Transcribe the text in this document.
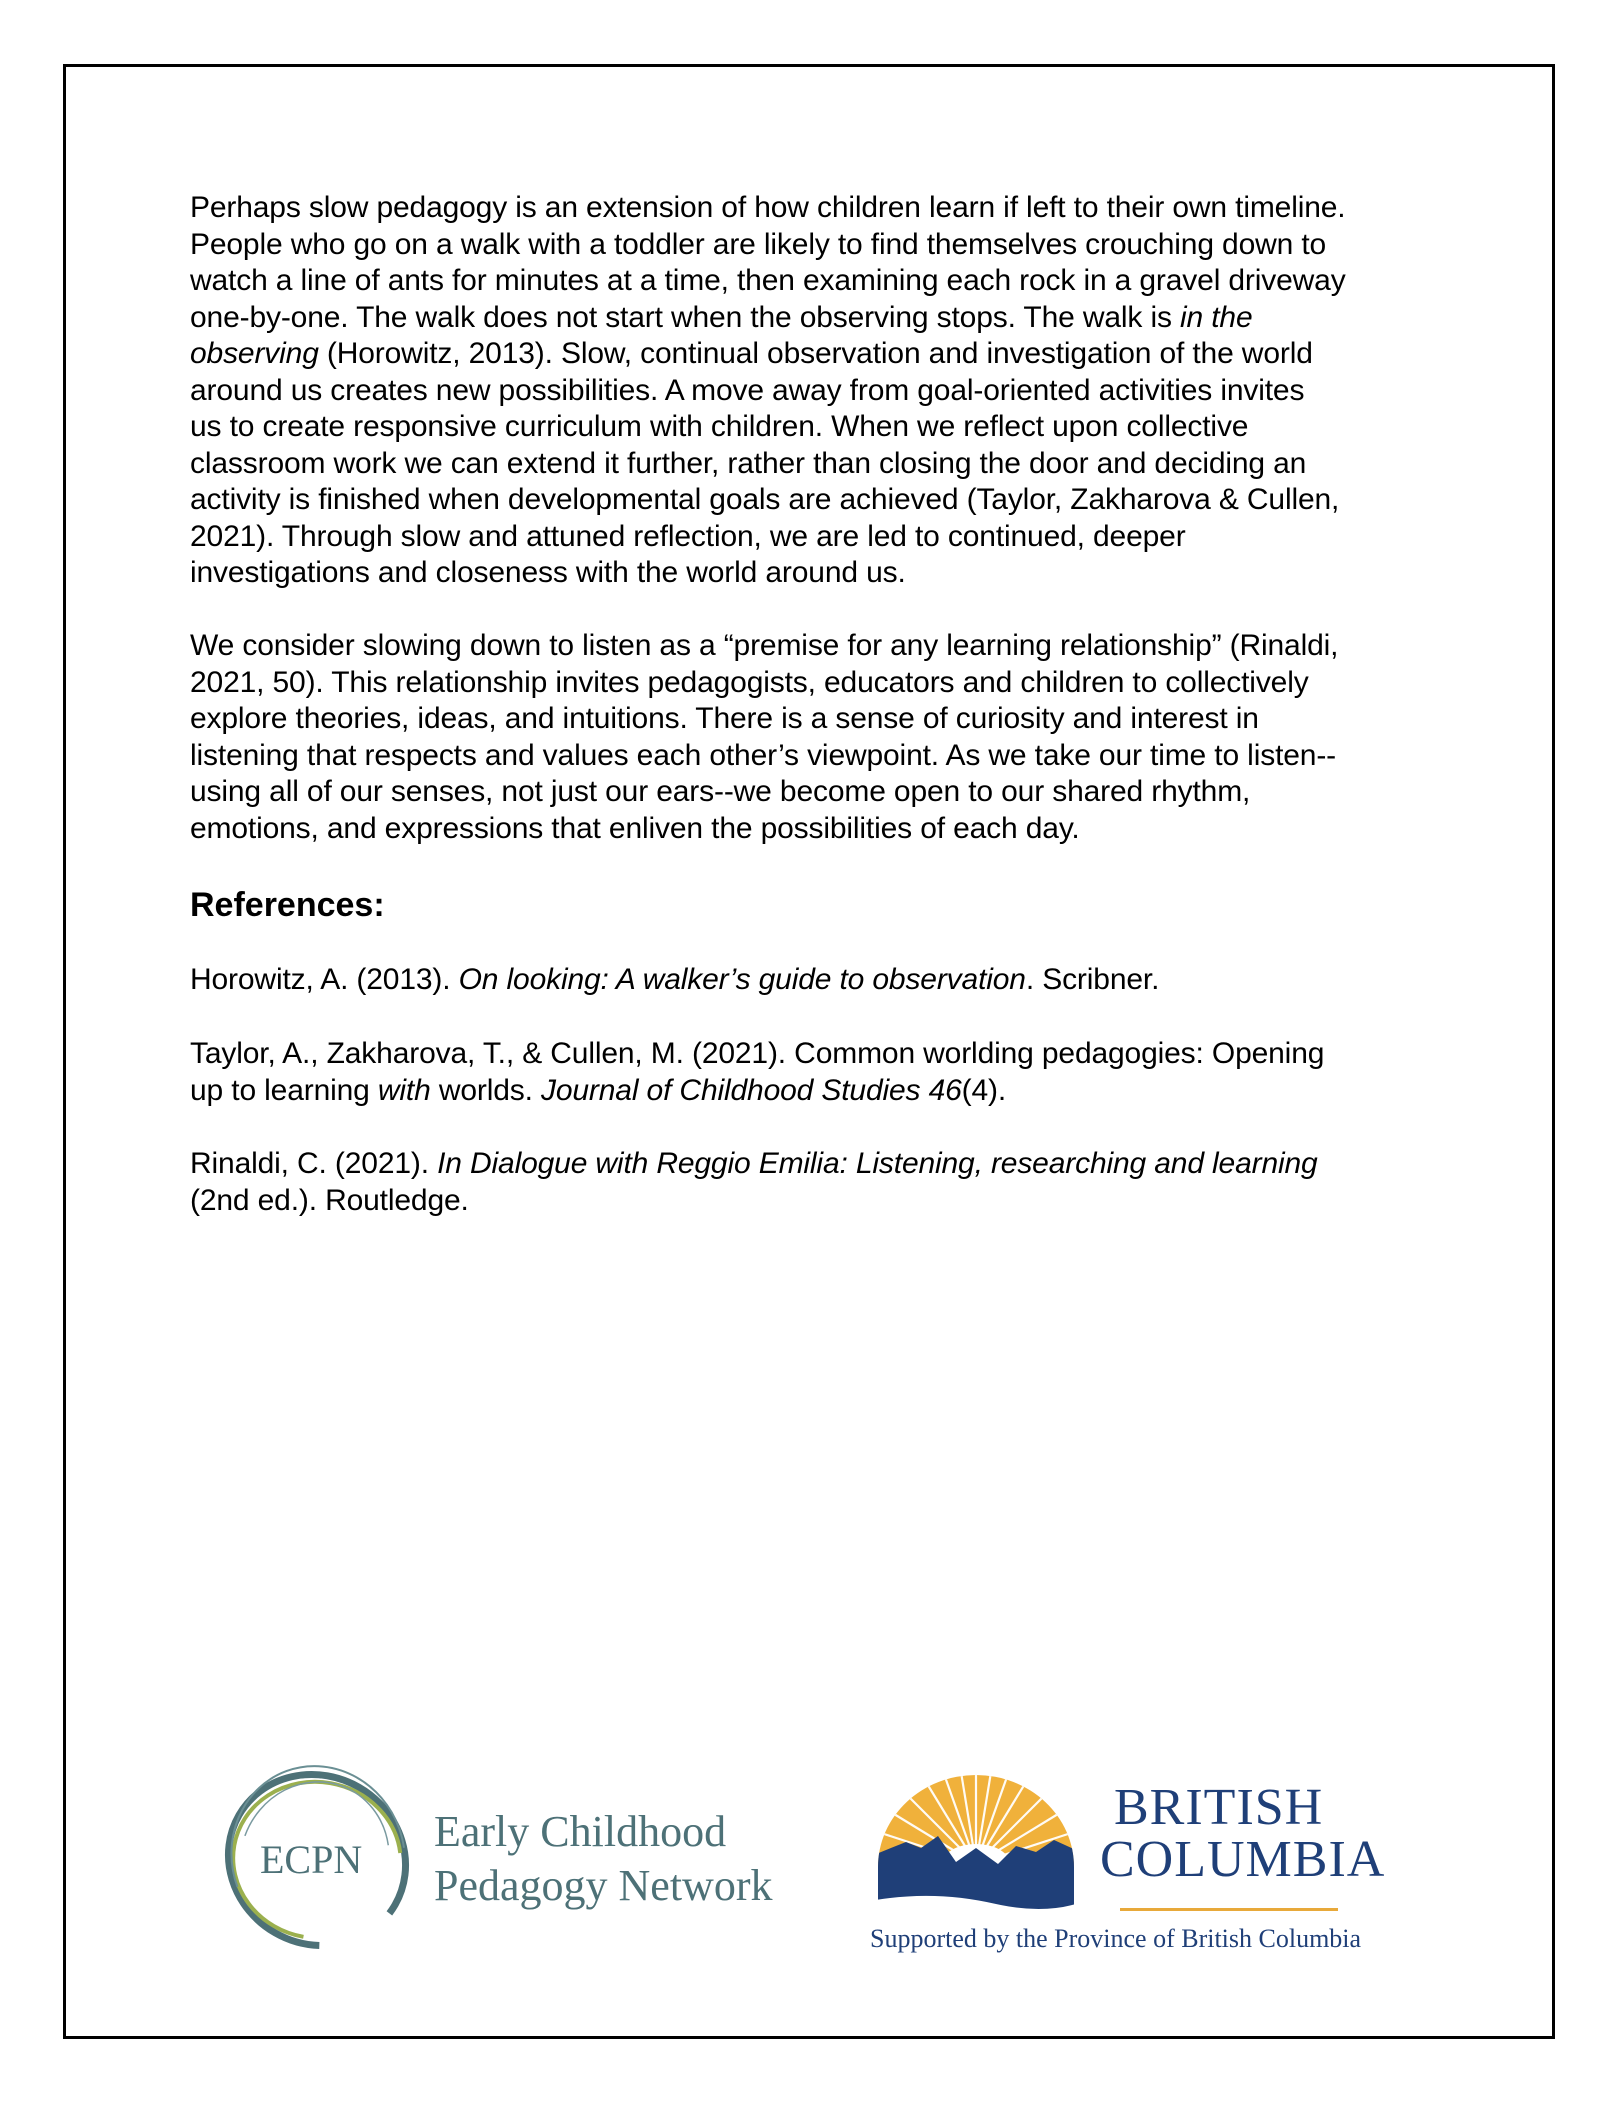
Perhaps slow pedagogy is an extension of how children learn if left to their own timeline.
People who go on a walk with a toddler are likely to find themselves crouching down to
watch a line of ants for minutes at a time, then examining each rock in a gravel driveway
one-by-one. The walk does not start when the observing stops. The walk is in the
observing (Horowitz, 2013). Slow, continual observation and investigation of the world
around us creates new possibilities. A move away from goal-oriented activities invites
us to create responsive curriculum with children. When we reflect upon collective
classroom work we can extend it further, rather than closing the door and deciding an
activity is finished when developmental goals are achieved (Taylor, Zakharova & Cullen,
2021). Through slow and attuned reflection, we are led to continued, deeper
investigations and closeness with the world around us.
We consider slowing down to listen as a “premise for any learning relationship” (Rinaldi,
2021, 50). This relationship invites pedagogists, educators and children to collectively
explore theories, ideas, and intuitions. There is a sense of curiosity and interest in
listening that respects and values each other’s viewpoint. As we take our time to listen--
using all of our senses, not just our ears--we become open to our shared rhythm,
emotions, and expressions that enliven the possibilities of each day.
References:
Horowitz, A. (2013). On looking: A walker’s guide to observation. Scribner.
Taylor, A., Zakharova, T., & Cullen, M. (2021). Common worlding pedagogies: Opening
up to learning with worlds. Journal of Childhood Studies 46(4).
Rinaldi, C. (2021). In Dialogue with Reggio Emilia: Listening, researching and learning
(2nd ed.). Routledge.
ECPN
Early Childhood
Pedagogy Network
BRITISH
COLUMBIA
Supported by the Province of British Columbia
